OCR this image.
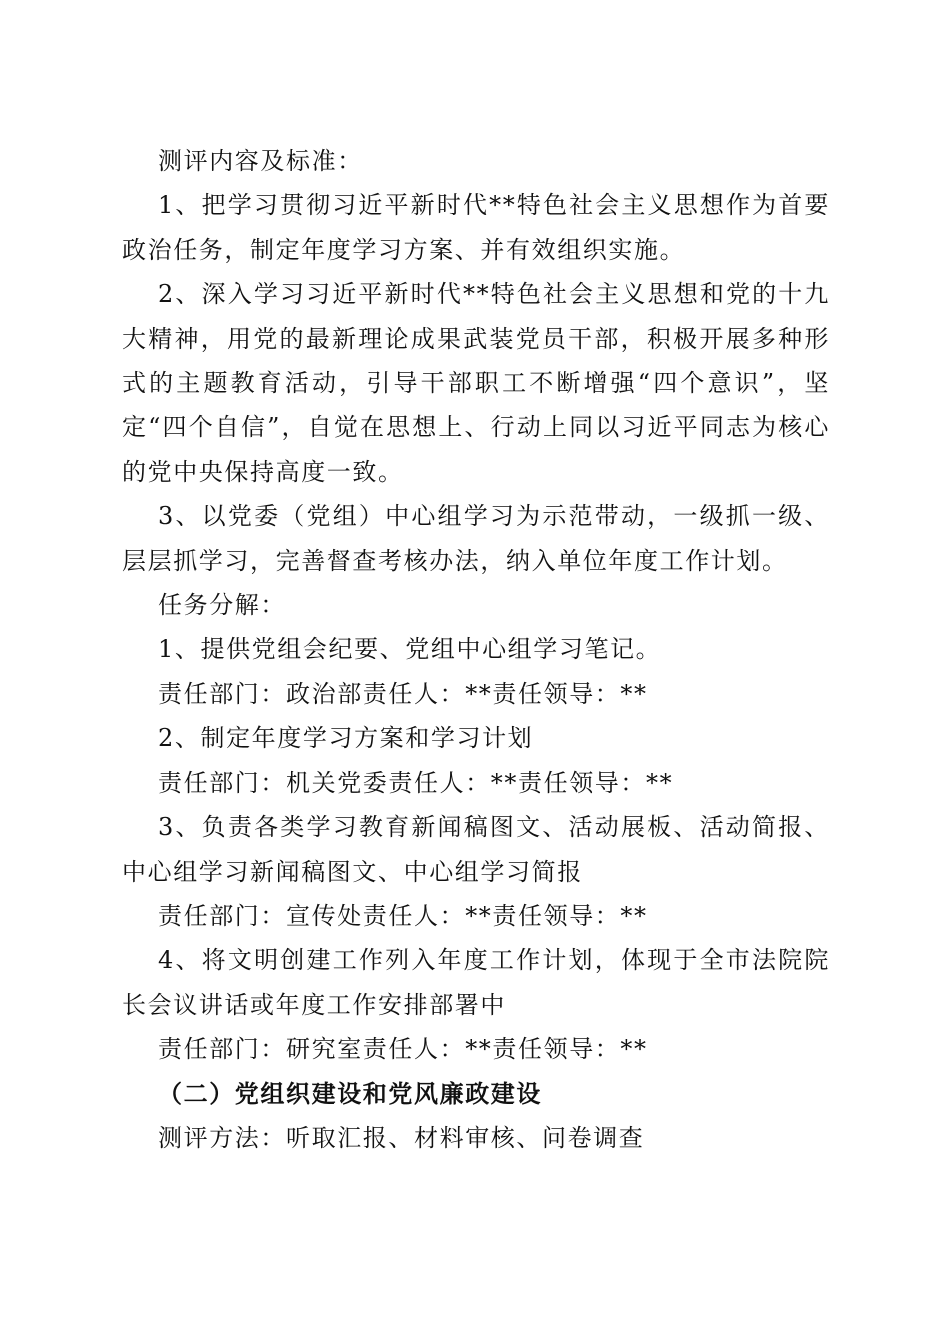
测评内容及标准：

1、把学习贯彻习近平新时代**特色社会主义思想作为首要政治任务，制定年度学习方案、并有效组织实施。

2、深入学习习近平新时代**特色社会主义思想和党的十九大精神，用党的最新理论成果武装党员干部，积极开展多种形式的主题教育活动，引导干部职工不断增强“四个意识”，坚定“四个自信”，自觉在思想上、行动上同以习近平同志为核心的党中央保持高度一致。

3、以党委（党组）中心组学习为示范带动，一级抓一级、层层抓学习，完善督查考核办法，纳入单位年度工作计划。

任务分解：

1、提供党组会纪要、党组中心组学习笔记。

责任部门：政治部责任人：**责任领导：**

2、制定年度学习方案和学习计划

责任部门：机关党委责任人：**责任领导：**

3、负责各类学习教育新闻稿图文、活动展板、活动简报、中心组学习新闻稿图文、中心组学习简报

责任部门：宣传处责任人：**责任领导：**

4、将文明创建工作列入年度工作计划，体现于全市法院院长会议讲话或年度工作安排部署中

责任部门：研究室责任人：**责任领导：**

（二）党组织建设和党风廉政建设

测评方法：听取汇报、材料审核、问卷调查
